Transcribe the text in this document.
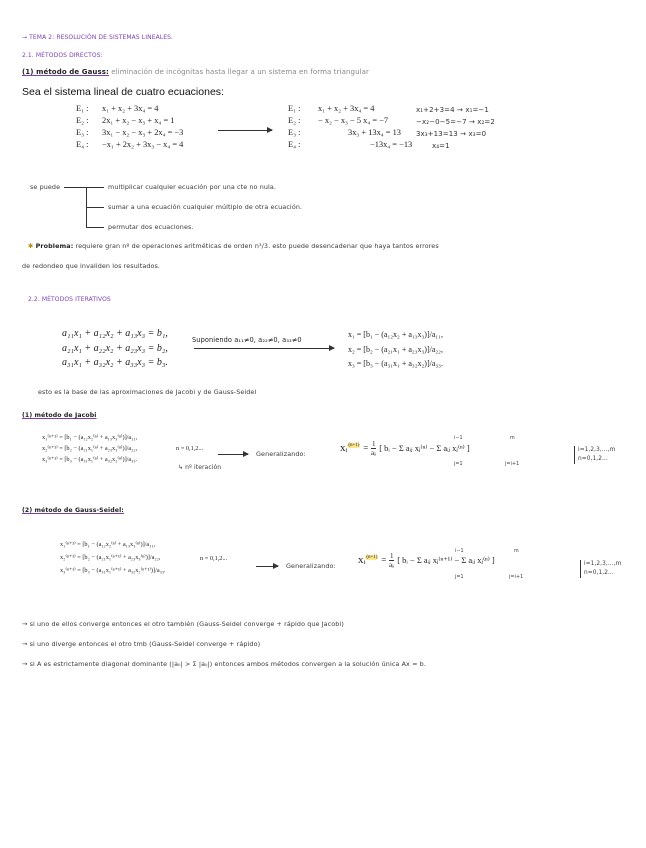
→ TEMA 2: RESOLUCIÓN DE SISTEMAS LINEALES.
2.1. MÉTODOS DIRECTOS:
(1) método de Gauss: eliminación de incógnitas hasta llegar a un sistema en forma triangular
Sea el sistema lineal de cuatro ecuaciones:
E₁ : x₁ + x₂ + 3x₄ = 4
E₂ : 2x₁ + x₂ − x₃ + x₄ = 1
E₃ : 3x₁ − x₂ − x₃ + 2x₄ = −3
E₄ : −x₁ + 2x₂ + 3x₃ − x₄ = 4
E₁ : x₁ + x₂ + 3x₄ = 4
E₂ : − x₂ − x₃ − 5 x₄ = −7
E₃ :	3x₃ + 13x₄ = 13
E₄ :	−13x₄ = −13
x₁+2+3=4 → x₁=−1
−x₂−0−5=−7 → x₂=2
3x₃+13=13 → x₃=0
x₄=1
se puede	multiplicar cualquier ecuación por una cte no nula.
sumar a una ecuación cualquier múltiplo de otra ecuación.
permutar dos ecuaciones.
✱ Problema: requiere gran nº de operaciones aritméticas de orden n³/3. esto puede desencadenar que haya tantos errores
de redondeo que invaliden los resultados.
2.2. MÉTODOS ITERATIVOS
a₁₁x₁ + a₁₂x₂ + a₁₃x₃ = b₁,
a₂₁x₁ + a₂₂x₂ + a₂₃x₃ = b₂,
a₃₁x₁ + a₃₂x₂ + a₃₃x₃ = b₃.
Suponiendo a₁₁≠0, a₂₂≠0, a₃₃≠0
x₁ = [b₁ − (a₁₂x₂ + a₁₃x₃)]/a₁₁,
x₂ = [b₂ − (a₂₁x₁ + a₂₃x₃)]/a₂₂,
x₃ = [b₃ − (a₃₁x₁ + a₃₂x₂)]/a₃₃.
esto es la base de las aproximaciones de Jacobi y de Gauss-Seidel
(1) método de Jacobi
x₁⁽ⁿ⁺¹⁾ = [b₁ − (a₁₂x₂⁽ⁿ⁾ + a₁₃x₃⁽ⁿ⁾)]/a₁₁,
x₂⁽ⁿ⁺¹⁾ = [b₂ − (a₂₁x₁⁽ⁿ⁾ + a₂₃x₃⁽ⁿ⁾)]/a₂₂,
x₃⁽ⁿ⁺¹⁾ = [b₃ − (a₃₁x₁⁽ⁿ⁾ + a₃₂x₂⁽ⁿ⁾)]/a₃₃.
n = 0,1,2...
↳ nº iteración
Generalizando:	xᵢ$^{(n+1)}$ = 1
aᵢᵢ [ bᵢ − Σ aᵢⱼ xⱼ⁽ⁿ⁾ − Σ aᵢⱼ xⱼ⁽ⁿ⁾ ]
i−1
j=1
m
j=i+1
i=1,2,3,...,m
n=0,1,2...
(2) método de Gauss-Seidel:
x₁⁽ⁿ⁺¹⁾ = [b₁ − (a₁₂x₂⁽ⁿ⁾ + a₁₃x₃⁽ⁿ⁾)]/a₁₁,
x₂⁽ⁿ⁺¹⁾ = [b₂ − (a₂₁x₁⁽ⁿ⁺¹⁾ + a₂₃x₃⁽ⁿ⁾)]/a₂₂,
x₃⁽ⁿ⁺¹⁾ = [b₃ − (a₃₁x₁⁽ⁿ⁺¹⁾ + a₃₂x₂⁽ⁿ⁺¹⁾)]/a₃₃.
n = 0,1,2...
Generalizando: xᵢ$^{(n+1)}$ = 1
aᵢᵢ [ bᵢ − Σ aᵢⱼ xⱼ⁽ⁿ⁺¹⁾ − Σ aᵢⱼ xⱼ⁽ⁿ⁾ ]
i−1
j=1
m
j=i+1
i=1,2,3,...,m
n=0,1,2...
→ si uno de ellos converge entonces el otro también (Gauss-Seidel converge + rápido que Jacobi)
→ si uno diverge entonces el otro tmb (Gauss-Seidel converge + rápido)
→ si A es estrictamente diagonal dominante (|aᵢᵢ| > Σ |aᵢⱼ|) entonces ambos métodos convergen a la solución única Ax = b.
